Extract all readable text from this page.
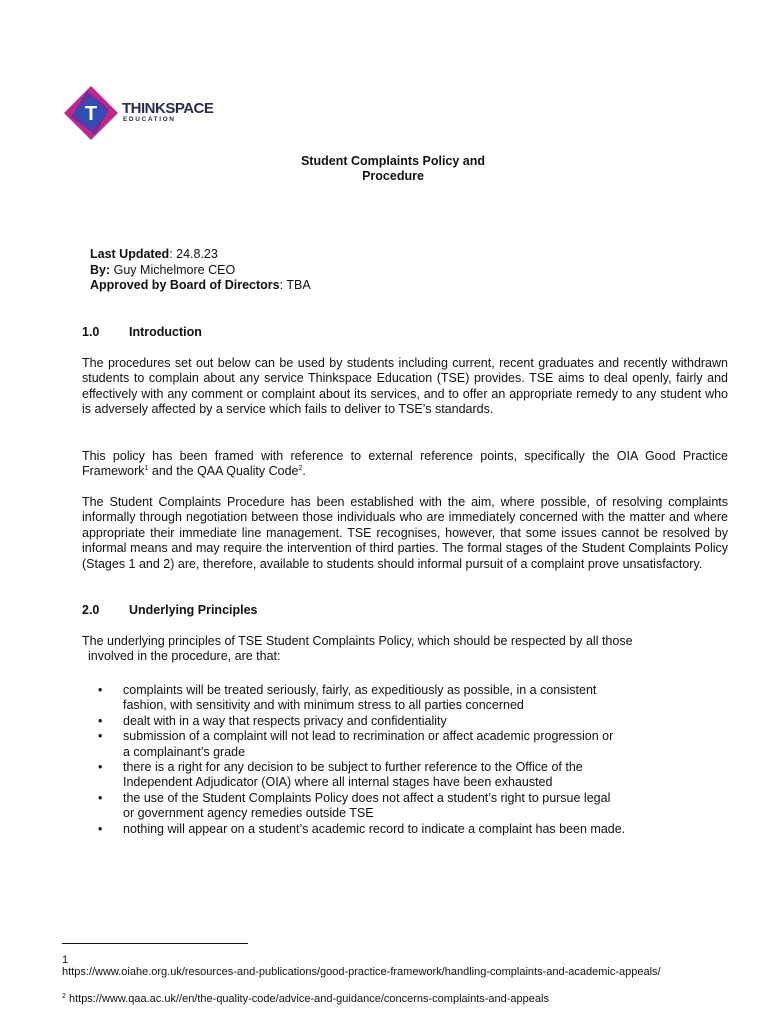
T THINKSPACE
EDUCATION
Student Complaints Policy and
Procedure
Last Updated: 24.8.23
By: Guy Michelmore CEO
Approved by Board of Directors: TBA
1.0 Introduction
The procedures set out below can be used by students including current, recent graduates and recently withdrawn students to complain about any service Thinkspace Education (TSE) provides. TSE aims to deal openly, fairly and effectively with any comment or complaint about its services, and to offer an appropriate remedy to any student who is adversely affected by a service which fails to deliver to TSE’s standards.
This policy has been framed with reference to external reference points, specifically the OIA Good Practice Framework$^1$ and the QAA Quality Code$^2$.
The Student Complaints Procedure has been established with the aim, where possible, of resolving complaints informally through negotiation between those individuals who are immediately concerned with the matter and where appropriate their immediate line management. TSE recognises, however, that some issues cannot be resolved by informal means and may require the intervention of third parties. The formal stages of the Student Complaints Policy (Stages 1 and 2) are, therefore, available to students should informal pursuit of a complaint prove unsatisfactory.
2.0 Underlying Principles
The underlying principles of TSE Student Complaints Policy, which should be respected by all those
involved in the procedure, are that:
• complaints will be treated seriously, fairly, as expeditiously as possible, in a consistent
fashion, with sensitivity and with minimum stress to all parties concerned
• dealt with in a way that respects privacy and confidentiality
• submission of a complaint will not lead to recrimination or affect academic progression or
a complainant’s grade
• there is a right for any decision to be subject to further reference to the Office of the
Independent Adjudicator (OIA) where all internal stages have been exhausted
• the use of the Student Complaints Policy does not affect a student’s right to pursue legal
or government agency remedies outside TSE
• nothing will appear on a student’s academic record to indicate a complaint has been made.
1
https://www.oiahe.org.uk/resources-and-publications/good-practice-framework/handling-complaints-and-academic-appeals/
$^2$ https://www.qaa.ac.uk//en/the-quality-code/advice-and-guidance/concerns-complaints-and-appeals
